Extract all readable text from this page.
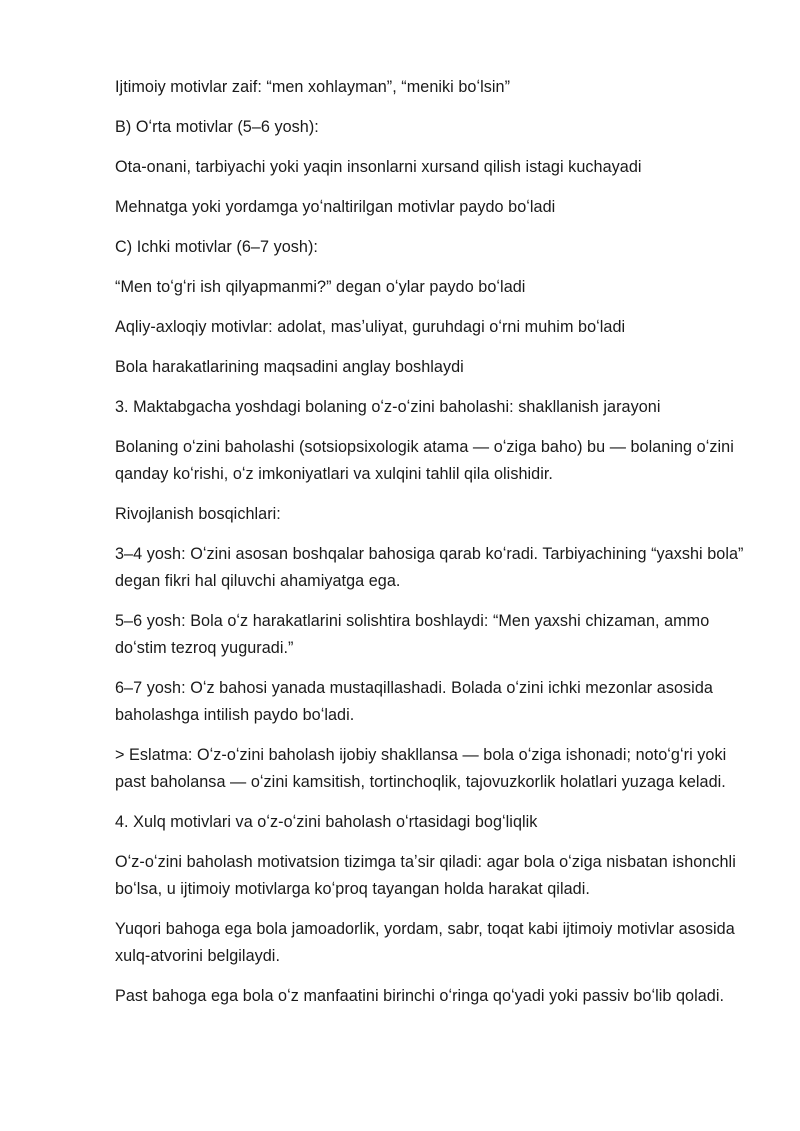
Ijtimoiy motivlar zaif: “men xohlayman”, “meniki boʻlsin”

B) Oʻrta motivlar (5–6 yosh):

Ota-onani, tarbiyachi yoki yaqin insonlarni xursand qilish istagi kuchayadi

Mehnatga yoki yordamga yoʻnaltirilgan motivlar paydo boʻladi

C) Ichki motivlar (6–7 yosh):

“Men toʻgʻri ish qilyapmanmi?” degan oʻylar paydo boʻladi

Aqliy-axloqiy motivlar: adolat, masʼuliyat, guruhdagi oʻrni muhim boʻladi

Bola harakatlarining maqsadini anglay boshlaydi

3. Maktabgacha yoshdagi bolaning oʻz-oʻzini baholashi: shakllanish jarayoni

Bolaning oʻzini baholashi (sotsiopsixologik atama — oʻziga baho) bu — bolaning oʻzini qanday koʻrishi, oʻz imkoniyatlari va xulqini tahlil qila olishidir.

Rivojlanish bosqichlari:

3–4 yosh: Oʻzini asosan boshqalar bahosiga qarab koʻradi. Tarbiyachining “yaxshi bola” degan fikri hal qiluvchi ahamiyatga ega.

5–6 yosh: Bola oʻz harakatlarini solishtira boshlaydi: “Men yaxshi chizaman, ammo doʻstim tezroq yuguradi.”

6–7 yosh: Oʻz bahosi yanada mustaqillashadi. Bolada oʻzini ichki mezonlar asosida baholashga intilish paydo boʻladi.

> Eslatma: Oʻz-oʻzini baholash ijobiy shakllansa — bola oʻziga ishonadi; notoʻgʻri yoki past baholansa — oʻzini kamsitish, tortinchoqlik, tajovuzkorlik holatlari yuzaga keladi.

4. Xulq motivlari va oʻz-oʻzini baholash oʻrtasidagi bogʻliqlik

Oʻz-oʻzini baholash motivatsion tizimga taʼsir qiladi: agar bola oʻziga nisbatan ishonchli boʻlsa, u ijtimoiy motivlarga koʻproq tayangan holda harakat qiladi.

Yuqori bahoga ega bola jamoadorlik, yordam, sabr, toqat kabi ijtimoiy motivlar asosida xulq-atvorini belgilaydi.

Past bahoga ega bola oʻz manfaatini birinchi oʻringa qoʻyadi yoki passiv boʻlib qoladi.
